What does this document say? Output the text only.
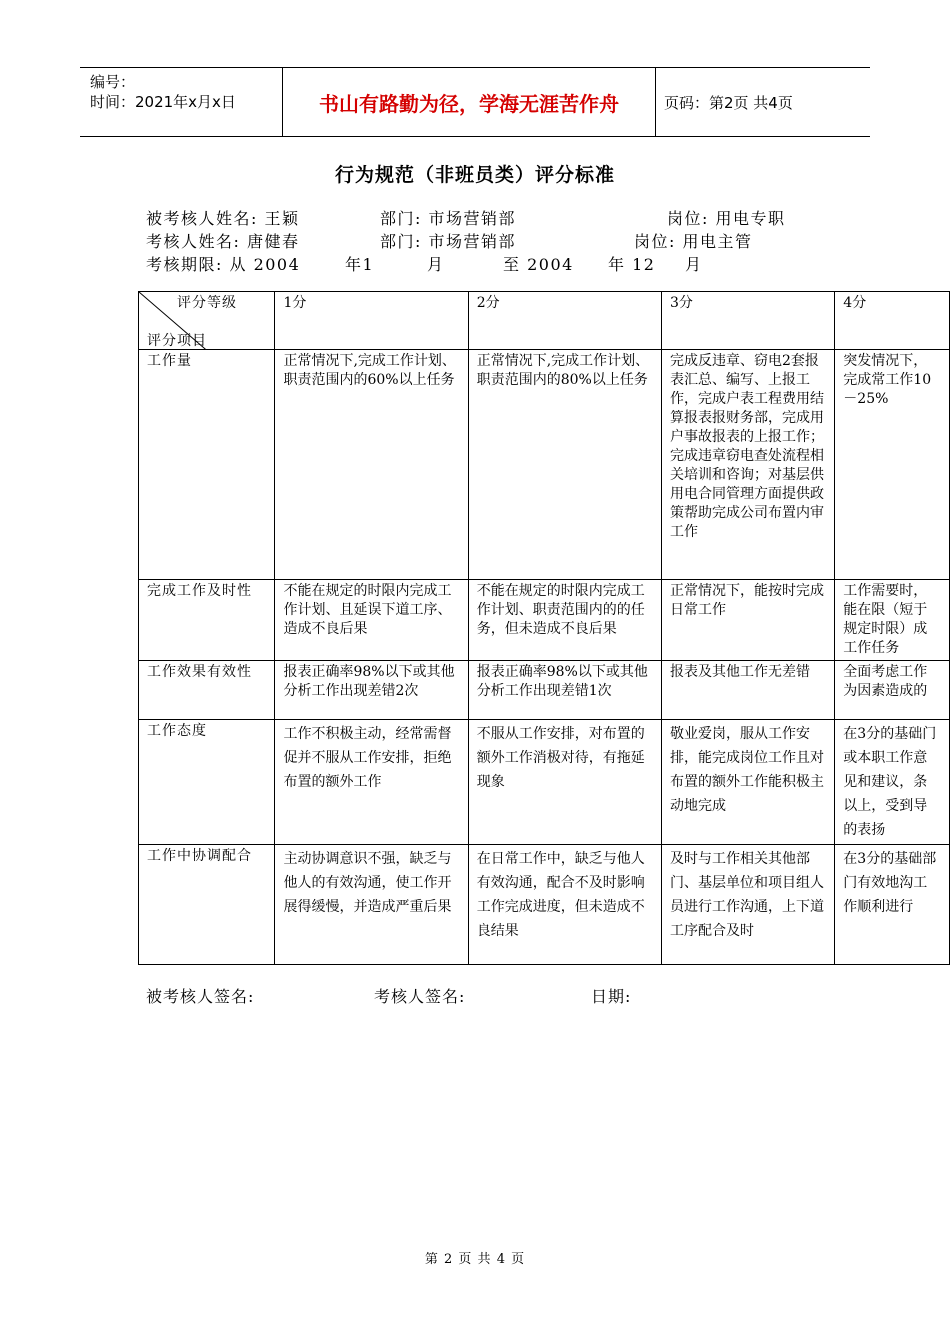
编号：
时间：2021年x月x日	书山有路勤为径，学海无涯苦作舟	页码：第2页 共4页
行为规范（非班员类）评分标准
被考核人姓名: 王颖	部门: 市场营销部	岗位: 用电专职
考核人姓名: 唐健春	部门: 市场营销部	岗位: 用电主管
考核期限: 从 2004	年1	月	至 2004 年 12 月
评分等级
评分项目	1分	2分	3分	4分
工作量	正常情况下,完成工作计划、职责范围内的60%以上任务	正常情况下,完成工作计划、职责范围内的80%以上任务	完成反违章、窃电2套报表汇总、编写、上报工作，完成户表工程费用结算报表报财务部，完成用户事故报表的上报工作；完成违章窃电查处流程相关培训和咨询；对基层供用电合同管理方面提供政策帮助完成公司布置内审工作	突发情况下，完成常工作10－25%
完成工作及时性	不能在规定的时限内完成工作计划、且延误下道工序、造成不良后果	不能在规定的时限内完成工作计划、职责范围内的的任务，但未造成不良后果	正常情况下，能按时完成日常工作	工作需要时，能在限（短于规定时限）成工作任务
工作效果有效性	报表正确率98%以下或其他分析工作出现差错2次	报表正确率98%以下或其他分析工作出现差错1次	报表及其他工作无差错	全面考虑工作为因素造成的
工作态度	工作不积极主动，经常需督促并不服从工作安排，拒绝布置的额外工作	不服从工作安排，对布置的额外工作消极对待，有拖延现象	敬业爱岗，服从工作安排，能完成岗位工作且对布置的额外工作能积极主动地完成	在3分的基础门或本职工作意见和建议，条以上，受到导的表扬
工作中协调配合	主动协调意识不强，缺乏与他人的有效沟通，使工作开展得缓慢，并造成严重后果	在日常工作中，缺乏与他人有效沟通，配合不及时影响工作完成进度，但未造成不良结果	及时与工作相关其他部门、基层单位和项目组人员进行工作沟通，上下道工序配合及时	在3分的基础部门有效地沟工作顺利进行
被考核人签名:	考核人签名:	日期:
第 2 页 共 4 页
